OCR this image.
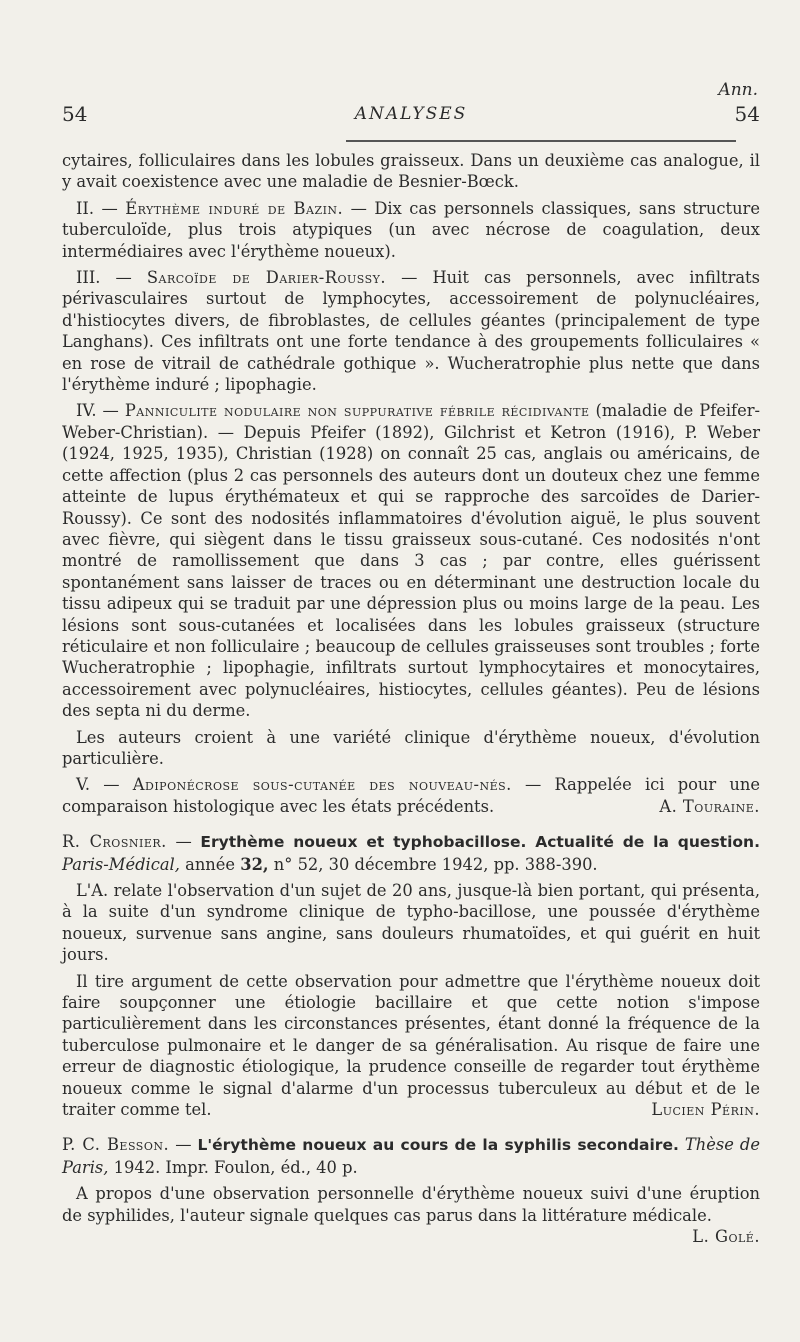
Ann.
54	ANALYSES	54

cytaires, folliculaires dans les lobules graisseux. Dans un deuxième cas analogue, il y avait coexistence avec une maladie de Besnier-Bœck.

II. — Érythème induré de Bazin. — Dix cas personnels classiques, sans structure tuberculoïde, plus trois atypiques (un avec nécrose de coagulation, deux intermédiaires avec l'érythème noueux).

III. — Sarcoïde de Darier-Roussy. — Huit cas personnels, avec infiltrats périvasculaires surtout de lymphocytes, accessoirement de polynucléaires, d'histiocytes divers, de fibroblastes, de cellules géantes (principalement de type Langhans). Ces infiltrats ont une forte tendance à des groupements folliculaires « en rose de vitrail de cathédrale gothique ». Wucheratrophie plus nette que dans l'érythème induré ; lipophagie.

IV. — Panniculite nodulaire non suppurative fébrile récidivante (maladie de Pfeifer-Weber-Christian). — Depuis Pfeifer (1892), Gilchrist et Ketron (1916), P. Weber (1924, 1925, 1935), Christian (1928) on connaît 25 cas, anglais ou américains, de cette affection (plus 2 cas personnels des auteurs dont un douteux chez une femme atteinte de lupus érythémateux et qui se rapproche des sarcoïdes de Darier-Roussy). Ce sont des nodosités inflammatoires d'évolution aiguë, le plus souvent avec fièvre, qui siègent dans le tissu graisseux sous-cutané. Ces nodosités n'ont montré de ramollissement que dans 3 cas ; par contre, elles guérissent spontanément sans laisser de traces ou en déterminant une destruction locale du tissu adipeux qui se traduit par une dépression plus ou moins large de la peau. Les lésions sont sous-cutanées et localisées dans les lobules graisseux (structure réticulaire et non folliculaire ; beaucoup de cellules graisseuses sont troubles ; forte Wucheratrophie ; lipophagie, infiltrats surtout lymphocytaires et monocytaires, accessoirement avec polynucléaires, histiocytes, cellules géantes). Peu de lésions des septa ni du derme.

Les auteurs croient à une variété clinique d'érythème noueux, d'évolution particulière.

V. — Adiponécrose sous-cutanée des nouveau-nés. — Rappelée ici pour une comparaison histologique avec les états précédents.	A. Touraine.

R. Crosnier. — Erythème noueux et typhobacillose. Actualité de la question. Paris-Médical, année 32, n° 52, 30 décembre 1942, pp. 388-390.

L'A. relate l'observation d'un sujet de 20 ans, jusque-là bien portant, qui présenta, à la suite d'un syndrome clinique de typho-bacillose, une poussée d'érythème noueux, survenue sans angine, sans douleurs rhumatoïdes, et qui guérit en huit jours.

Il tire argument de cette observation pour admettre que l'érythème noueux doit faire soupçonner une étiologie bacillaire et que cette notion s'impose particulièrement dans les circonstances présentes, étant donné la fréquence de la tuberculose pulmonaire et le danger de sa généralisation. Au risque de faire une erreur de diagnostic étiologique, la prudence conseille de regarder tout érythème noueux comme le signal d'alarme d'un processus tuberculeux au début et de le traiter comme tel.	Lucien Périn.

P. C. Besson. — L'érythème noueux au cours de la syphilis secondaire. Thèse de Paris, 1942. Impr. Foulon, éd., 40 p.

A propos d'une observation personnelle d'érythème noueux suivi d'une éruption de syphilides, l'auteur signale quelques cas parus dans la littérature médicale.

L. Golé.
